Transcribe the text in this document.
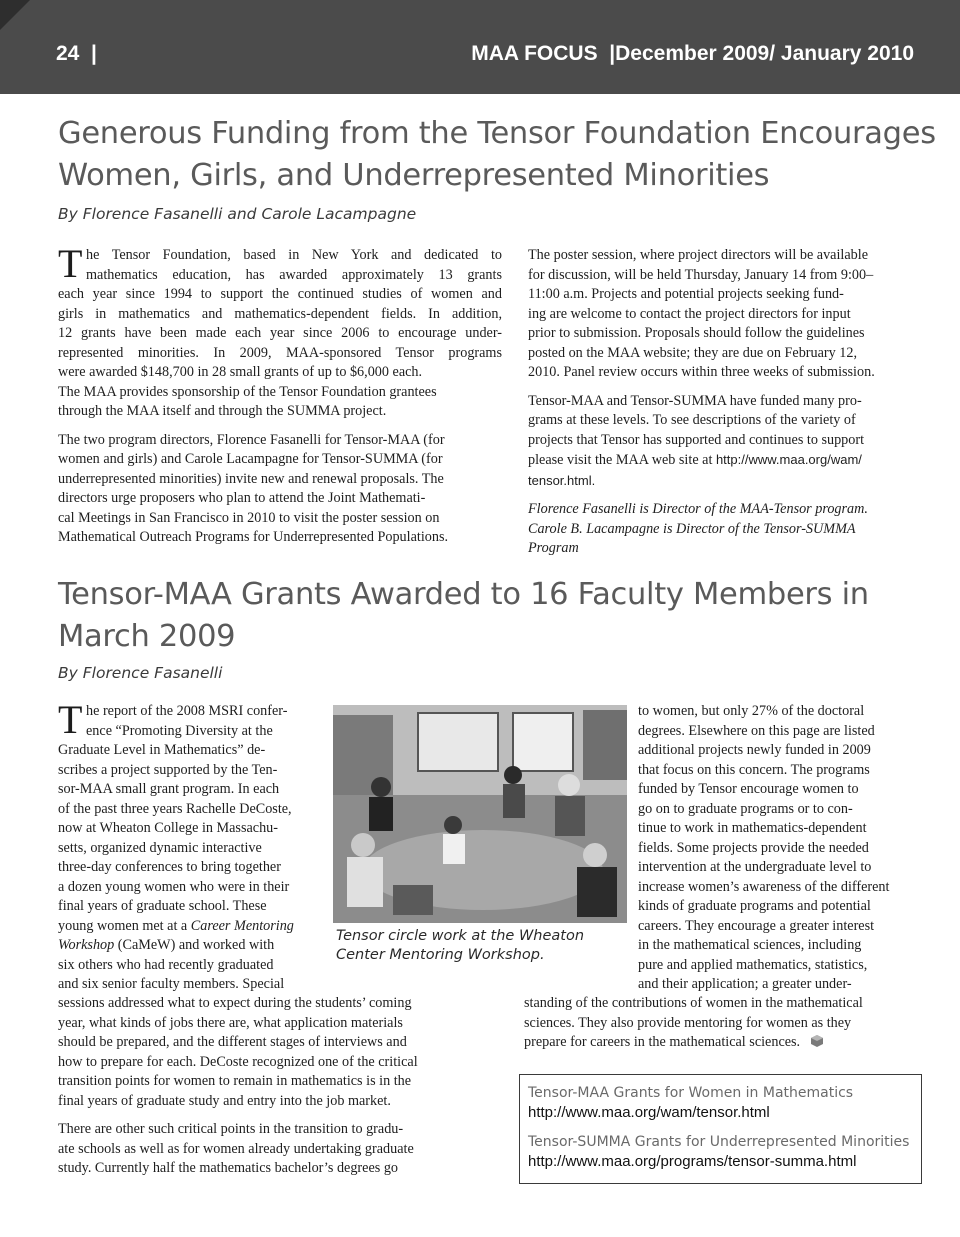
24  |	MAA FOCUS  |December 2009/ January 2010
Generous Funding from the Tensor Foundation Encourages Women, Girls, and Underrepresented Minorities
By Florence Fasanelli and Carole Lacampagne

T he Tensor Foundation, based in New York and dedicated to
mathematics education, has awarded approximately 13 grants
each year since 1994 to support the continued studies of women and
girls in mathematics and mathematics-dependent fields. In addition,
12 grants have been made each year since 2006 to encourage under-
represented minorities. In 2009, MAA-sponsored Tensor programs
were awarded $148,700 in 28 small grants of up to $6,000 each.
The MAA provides sponsorship of the Tensor Foundation grantees
through the MAA itself and through the SUMMA project.

The two program directors, Florence Fasanelli for Tensor-MAA (for
women and girls) and Carole Lacampagne for Tensor-SUMMA (for
underrepresented minorities) invite new and renewal proposals. The
directors urge proposers who plan to attend the Joint Mathemati-
cal Meetings in San Francisco in 2010 to visit the poster session on
Mathematical Outreach Programs for Underrepresented Populations.

The poster session, where project directors will be available
for discussion, will be held Thursday, January 14 from 9:00–
11:00 a.m. Projects and potential projects seeking fund-
ing are welcome to contact the project directors for input
prior to submission. Proposals should follow the guidelines
posted on the MAA website; they are due on February 12,
2010. Panel review occurs within three weeks of submission.

Tensor-MAA and Tensor-SUMMA have funded many pro-
grams at these levels. To see descriptions of the variety of
projects that Tensor has supported and continues to support
please visit the MAA web site at http://www.maa.org/wam/
tensor.html.

Florence Fasanelli is Director of the MAA-Tensor program.
Carole B. Lacampagne is Director of the Tensor-SUMMA
Program

Tensor-MAA Grants Awarded to 16 Faculty Members in March 2009
By Florence Fasanelli
T he report of the 2008 MSRI confer-
ence “Promoting Diversity at the
Graduate Level in Mathematics” de-
scribes a project supported by the Ten-
sor-MAA small grant program. In each
of the past three years Rachelle DeCoste,
now at Wheaton College in Massachu-
setts, organized dynamic interactive
three-day conferences to bring together
a dozen young women who were in their
final years of graduate school. These
young women met at a Career Mentoring
Workshop (CaMeW) and worked with
six others who had recently graduated
and six senior faculty members. Special

sessions addressed what to expect during the students’ coming
year, what kinds of jobs there are, what application materials
should be prepared, and the different stages of interviews and
how to prepare for each. DeCoste recognized one of the critical
transition points for women to remain in mathematics is in the
final years of graduate study and entry into the job market.

There are other such critical points in the transition to gradu-
ate schools as well as for women already undertaking graduate
study. Currently half the mathematics bachelor’s degrees go

Tensor circle work at the Wheaton Center Mentoring Workshop.
to women, but only 27% of the doctoral
degrees. Elsewhere on this page are listed
additional projects newly funded in 2009
that focus on this concern. The programs
funded by Tensor encourage women to
go on to graduate programs or to con-
tinue to work in mathematics-dependent
fields. Some projects provide the needed
intervention at the undergraduate level to
increase women’s awareness of the different
kinds of graduate programs and potential
careers. They encourage a greater interest
in the mathematical sciences, including
pure and applied mathematics, statistics,
and their application; a greater under-
standing of the contributions of women in the mathematical
sciences. They also provide mentoring for women as they
prepare for careers in the mathematical sciences.
Tensor-MAA Grants for Women in Mathematics
http://www.maa.org/wam/tensor.html
Tensor-SUMMA Grants for Underrepresented Minorities
http://www.maa.org/programs/tensor-summa.html
